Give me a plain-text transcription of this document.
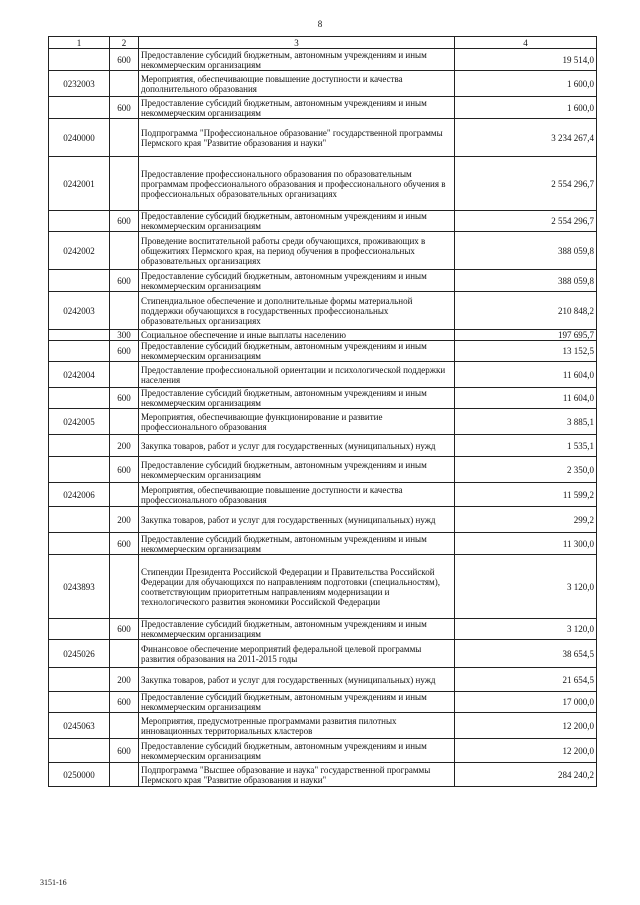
8
1	2	3	4
	600	Предоставление субсидий бюджетным, автономным учреждениям и иным некоммерческим организациям	19 514,0
0232003		Мероприятия, обеспечивающие повышение доступности и качества дополнительного образования	1 600,0
	600	Предоставление субсидий бюджетным, автономным учреждениям и иным некоммерческим организациям	1 600,0
0240000		Подпрограмма "Профессиональное образование" государственной программы Пермского края "Развитие образования и науки"	3 234 267,4
0242001		Предоставление профессионального образования по образовательным программам профессионального образования и профессионального обучения в профессиональных образовательных организациях	2 554 296,7
	600	Предоставление субсидий бюджетным, автономным учреждениям и иным некоммерческим организациям	2 554 296,7
0242002		Проведение воспитательной работы среди обучающихся, проживающих в общежитиях Пермского края, на период обучения в профессиональных образовательных организациях	388 059,8
	600	Предоставление субсидий бюджетным, автономным учреждениям и иным некоммерческим организациям	388 059,8
0242003		Стипендиальное обеспечение и дополнительные формы материальной поддержки обучающихся в государственных профессиональных образовательных организациях	210 848,2
	300	Социальное обеспечение и иные выплаты населению	197 695,7
	600	Предоставление субсидий бюджетным, автономным учреждениям и иным некоммерческим организациям	13 152,5
0242004		Предоставление профессиональной ориентации и психологической поддержки населения	11 604,0
	600	Предоставление субсидий бюджетным, автономным учреждениям и иным некоммерческим организациям	11 604,0
0242005		Мероприятия, обеспечивающие функционирование и развитие профессионального образования	3 885,1
	200	Закупка товаров, работ и услуг для государственных (муниципальных) нужд	1 535,1
	600	Предоставление субсидий бюджетным, автономным учреждениям и иным некоммерческим организациям	2 350,0
0242006		Мероприятия, обеспечивающие повышение доступности и качества профессионального образования	11 599,2
	200	Закупка товаров, работ и услуг для государственных (муниципальных) нужд	299,2
	600	Предоставление субсидий бюджетным, автономным учреждениям и иным некоммерческим организациям	11 300,0
0243893		Стипендии Президента Российской Федерации и Правительства Российской Федерации для обучающихся по направлениям подготовки (специальностям), соответствующим приоритетным направлениям модернизации и технологического развития экономики Российской Федерации	3 120,0
	600	Предоставление субсидий бюджетным, автономным учреждениям и иным некоммерческим организациям	3 120,0
0245026		Финансовое обеспечение мероприятий федеральной целевой программы развития образования на 2011-2015 годы	38 654,5
	200	Закупка товаров, работ и услуг для государственных (муниципальных) нужд	21 654,5
	600	Предоставление субсидий бюджетным, автономным учреждениям и иным некоммерческим организациям	17 000,0
0245063		Мероприятия, предусмотренные программами развития пилотных инновационных территориальных кластеров	12 200,0
	600	Предоставление субсидий бюджетным, автономным учреждениям и иным некоммерческим организациям	12 200,0
0250000		Подпрограмма "Высшее образование и наука" государственной программы Пермского края "Развитие образования и науки"	284 240,2
3151-16
